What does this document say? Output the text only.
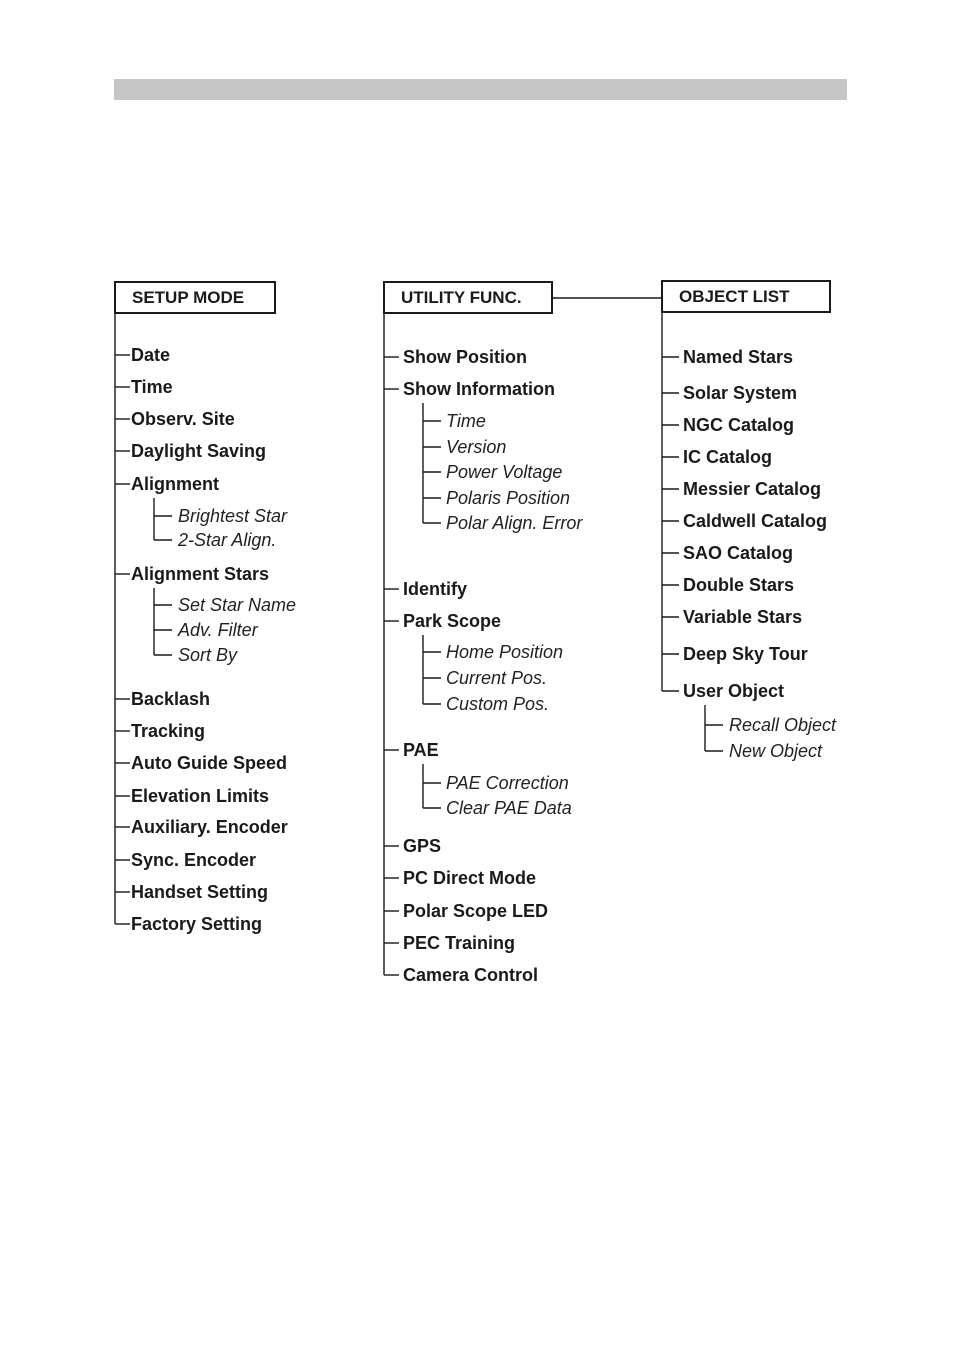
SETUP MODE
Date
Time
Observ. Site
Daylight Saving
Alignment
Brightest Star
2-Star Align.
Alignment Stars
Set Star Name
Adv. Filter
Sort By
Backlash
Tracking
Auto Guide Speed
Elevation Limits
Auxiliary. Encoder
Sync. Encoder
Handset Setting
Factory Setting
UTILITY FUNC.
Show Position
Show Information
Time
Version
Power Voltage
Polaris Position
Polar Align. Error
Identify
Park Scope
Home Position
Current Pos.
Custom Pos.
PAE
PAE Correction
Clear PAE Data
GPS
PC Direct Mode
Polar Scope LED
PEC Training
Camera Control
OBJECT LIST
Named Stars
Solar System
NGC Catalog
IC Catalog
Messier Catalog
Caldwell Catalog
SAO Catalog
Double Stars
Variable Stars
Deep Sky Tour
User Object
Recall Object
New Object
